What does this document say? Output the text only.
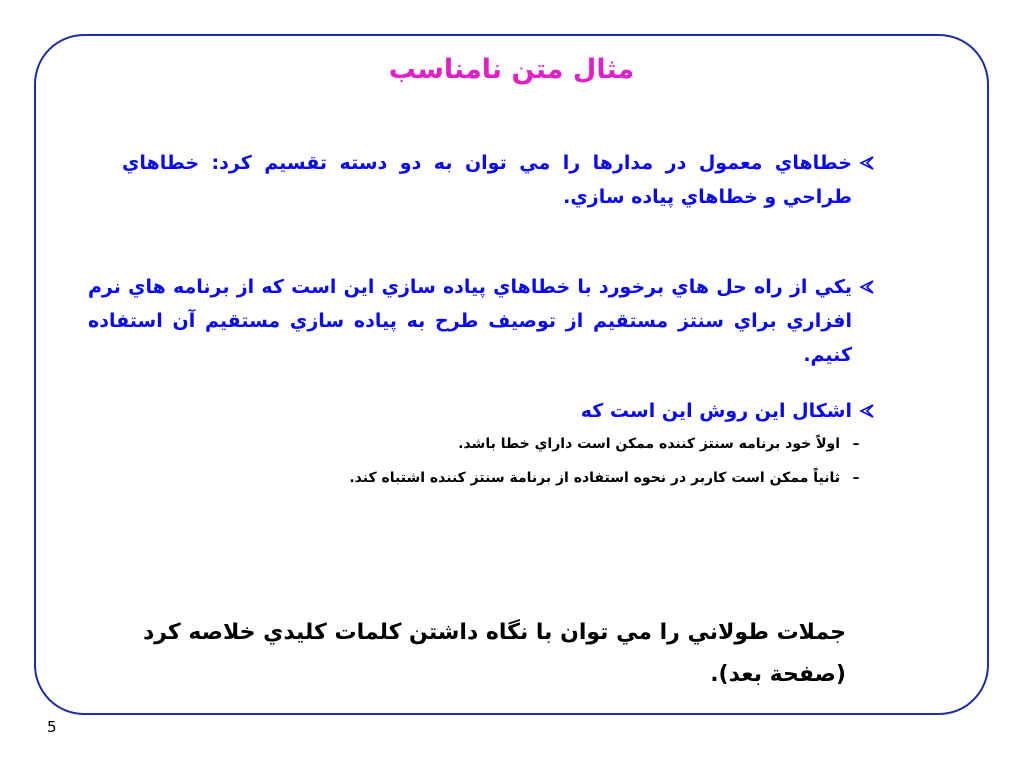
مثال متن نامناسب
خطاهاي معمول در مدارها را مي توان به دو دسته تقسيم كرد: خطاهاي طراحي و خطاهاي پياده سازي.
يكي از راه حل هاي برخورد با خطاهاي پياده سازي اين است كه از برنامه هاي نرم افزاري براي سنتز مستقيم از توصيف طرح به پياده سازي مستقيم آن استفاده كنيم.
اشكال اين روش اين است كه
–
اولاً خود برنامه سنتز كننده ممكن است داراي خطا باشد.
–
ثانياً ممكن است كاربر در نحوه استفاده از برنامة سنتز كننده اشتباه كند.
جملات طولاني را مي توان با نگاه داشتن كلمات كليدي خلاصه كرد (صفحة بعد).
5
